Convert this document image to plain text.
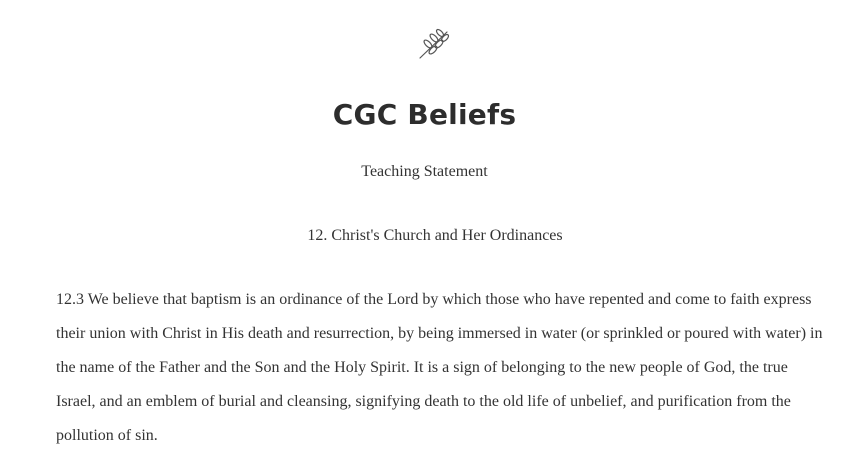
CGC Beliefs

Teaching Statement

12. Christ's Church and Her Ordinances

12.3 We believe that baptism is an ordinance of the Lord by which those who have repented and come to faith express their union with Christ in His death and resurrection, by being immersed in water (or sprinkled or poured with water) in the name of the Father and the Son and the Holy Spirit. It is a sign of belonging to the new people of God, the true Israel, and an emblem of burial and cleansing, signifying death to the old life of unbelief, and purification from the pollution of sin.
